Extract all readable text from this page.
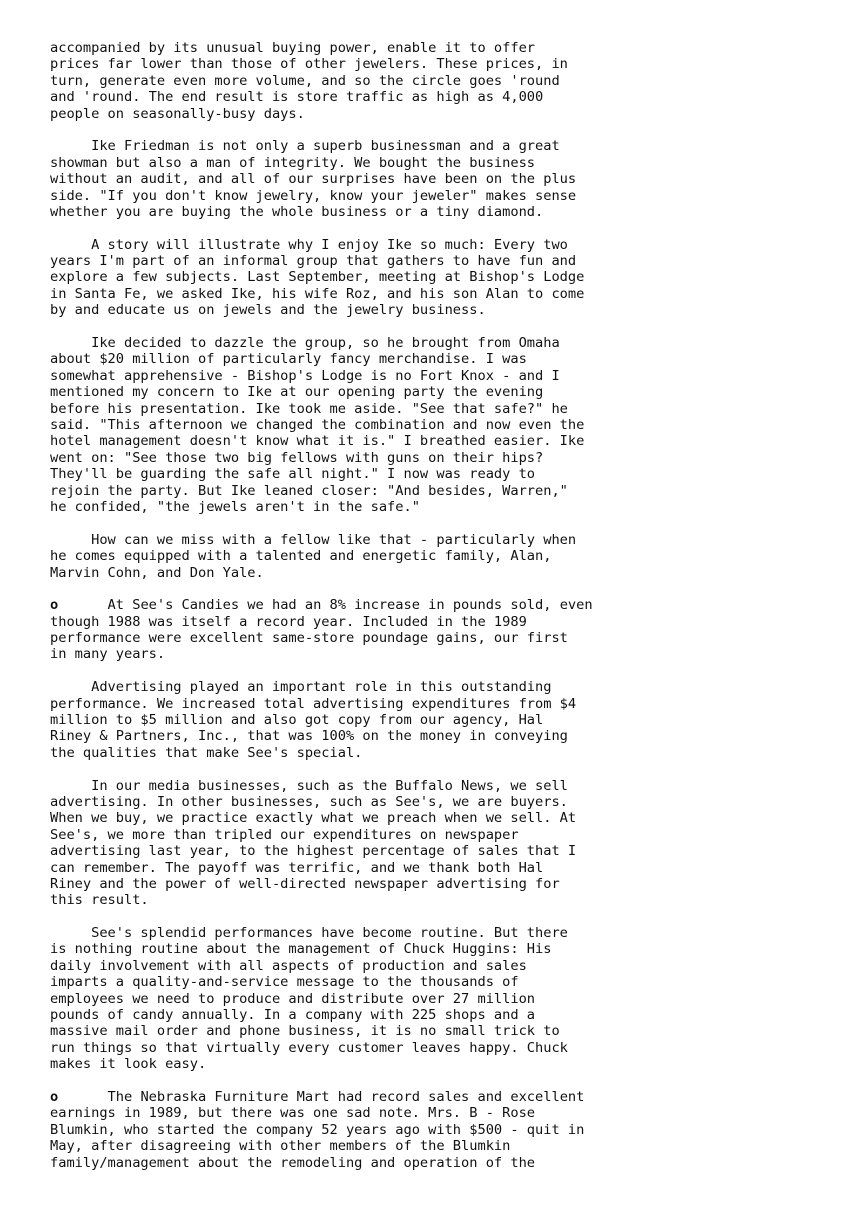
accompanied by its unusual buying power, enable it to offer
prices far lower than those of other jewelers. These prices, in
turn, generate even more volume, and so the circle goes 'round
and 'round. The end result is store traffic as high as 4,000
people on seasonally-busy days.
Ike Friedman is not only a superb businessman and a great
showman but also a man of integrity. We bought the business
without an audit, and all of our surprises have been on the plus
side. "If you don't know jewelry, know your jeweler" makes sense
whether you are buying the whole business or a tiny diamond.
A story will illustrate why I enjoy Ike so much: Every two
years I'm part of an informal group that gathers to have fun and
explore a few subjects. Last September, meeting at Bishop's Lodge
in Santa Fe, we asked Ike, his wife Roz, and his son Alan to come
by and educate us on jewels and the jewelry business.
Ike decided to dazzle the group, so he brought from Omaha
about $20 million of particularly fancy merchandise. I was
somewhat apprehensive - Bishop's Lodge is no Fort Knox - and I
mentioned my concern to Ike at our opening party the evening
before his presentation. Ike took me aside. "See that safe?" he
said. "This afternoon we changed the combination and now even the
hotel management doesn't know what it is." I breathed easier. Ike
went on: "See those two big fellows with guns on their hips?
They'll be guarding the safe all night." I now was ready to
rejoin the party. But Ike leaned closer: "And besides, Warren,"
he confided, "the jewels aren't in the safe."
How can we miss with a fellow like that - particularly when
he comes equipped with a talented and energetic family, Alan,
Marvin Cohn, and Don Yale.
o      At See's Candies we had an 8% increase in pounds sold, even
though 1988 was itself a record year. Included in the 1989
performance were excellent same-store poundage gains, our first
in many years.
Advertising played an important role in this outstanding
performance. We increased total advertising expenditures from $4
million to $5 million and also got copy from our agency, Hal
Riney & Partners, Inc., that was 100% on the money in conveying
the qualities that make See's special.
In our media businesses, such as the Buffalo News, we sell
advertising. In other businesses, such as See's, we are buyers.
When we buy, we practice exactly what we preach when we sell. At
See's, we more than tripled our expenditures on newspaper
advertising last year, to the highest percentage of sales that I
can remember. The payoff was terrific, and we thank both Hal
Riney and the power of well-directed newspaper advertising for
this result.
See's splendid performances have become routine. But there
is nothing routine about the management of Chuck Huggins: His
daily involvement with all aspects of production and sales
imparts a quality-and-service message to the thousands of
employees we need to produce and distribute over 27 million
pounds of candy annually. In a company with 225 shops and a
massive mail order and phone business, it is no small trick to
run things so that virtually every customer leaves happy. Chuck
makes it look easy.
o      The Nebraska Furniture Mart had record sales and excellent
earnings in 1989, but there was one sad note. Mrs. B - Rose
Blumkin, who started the company 52 years ago with $500 - quit in
May, after disagreeing with other members of the Blumkin
family/management about the remodeling and operation of the
